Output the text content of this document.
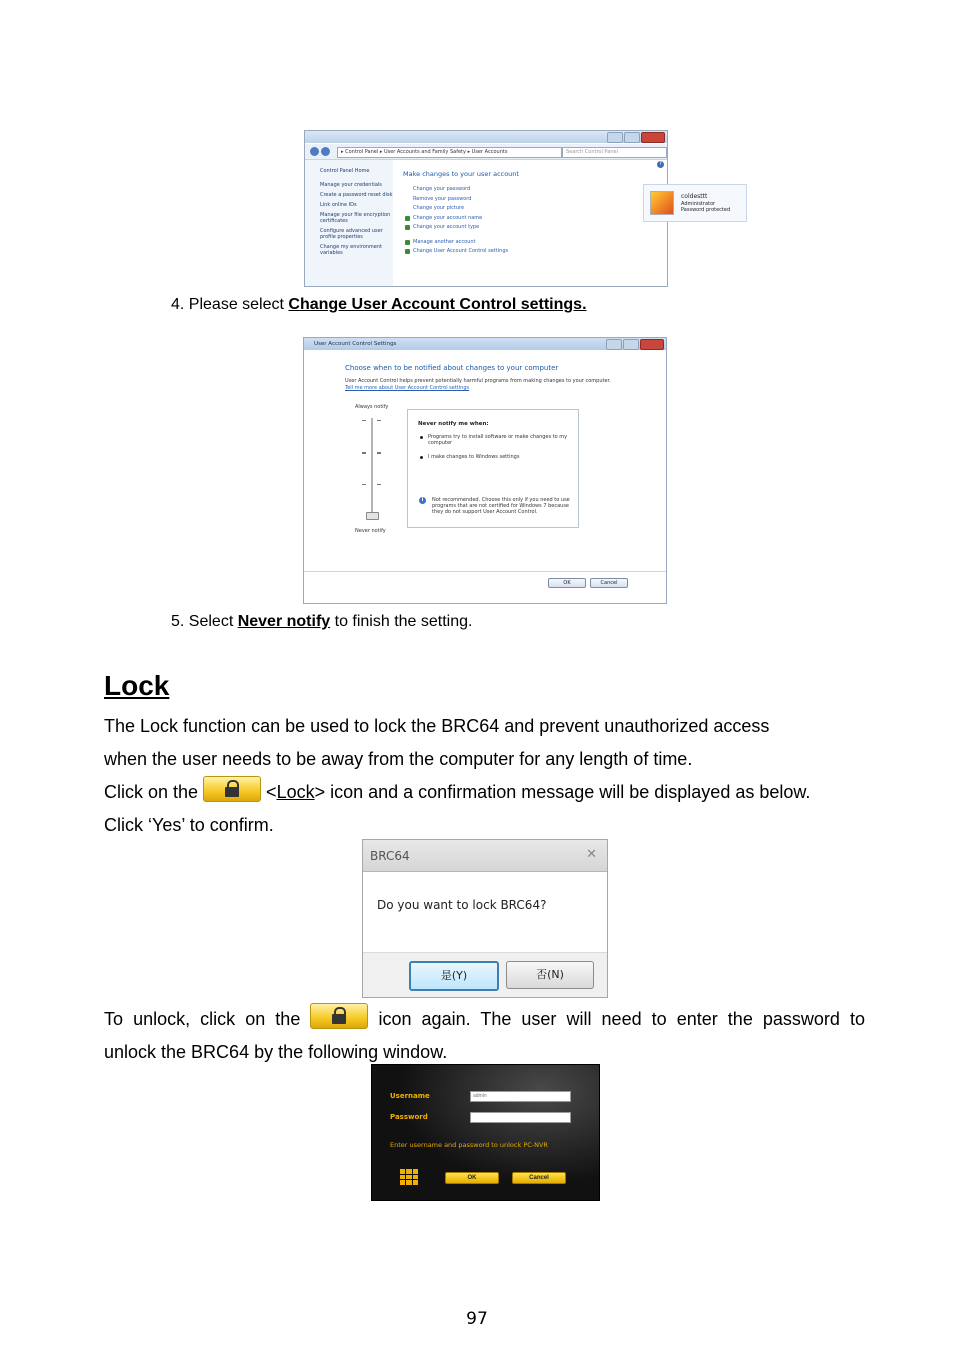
▸ Control Panel ▸ User Accounts and Family Safety ▸ User Accounts	Search Control Panel
Control Panel Home
Manage your credentials
Create a password reset disk
Link online IDs
Manage your file encryption certificates
Configure advanced user profile properties
Change my environment variables
?
Make changes to your user account
Change your password
Remove your password
Change your picture
Change your account name
Change your account type
Manage another account
Change User Account Control settings
coldesttt
Administrator
Password protected
4. Please select Change User Account Control settings.
User Account Control Settings
Choose when to be notified about changes to your computer
User Account Control helps prevent potentially harmful programs from making changes to your computer.
Tell me more about User Account Control settings
Always notify
Never notify
Never notify me when:
Programs try to install software or make changes to my computer
I make changes to Windows settings
i	Not recommended. Choose this only if you need to use programs that are not certified for Windows 7 because they do not support User Account Control.
OK	Cancel
5. Select Never notify to finish the setting.
Lock

The Lock function can be used to lock the BRC64 and prevent unauthorized access

when the user needs to be away from the computer for any length of time.

Click on the	<Lock> icon and a confirmation message will be displayed as below.

Click ‘Yes’ to confirm.

BRC64	✕
Do you want to lock BRC64?
是(Y)	否(N)

To unlock, click on the	icon again. The user will need to enter the password to

unlock the BRC64 by the following window.

Username	admin
Password
Enter username and password to unlock PC-NVR
OK	Cancel
97
